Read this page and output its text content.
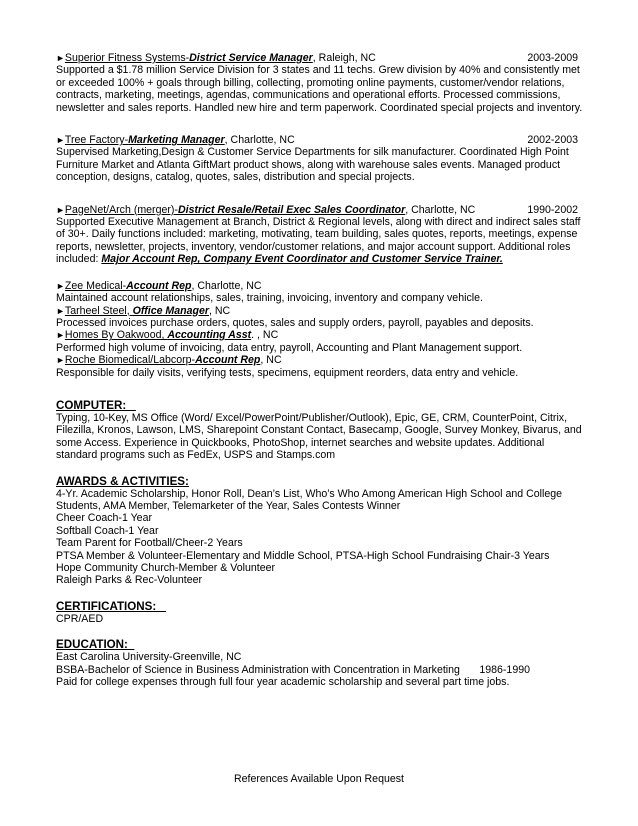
►Superior Fitness Systems-District Service Manager, Raleigh, NC	2003-2009

Supported a $1.78 million Service Division for 3 states and 11 techs. Grew division by 40% and consistently met or exceeded 100% + goals through billing, collecting, promoting online payments, customer/vendor relations, contracts, marketing, meetings, agendas, communications and operational efforts. Processed commissions, newsletter and sales reports. Handled new hire and term paperwork. Coordinated special projects and inventory.

►Tree Factory-Marketing Manager, Charlotte, NC	2002-2003

Supervised Marketing,Design & Customer Service Departments for silk manufacturer. Coordinated High Point Furniture Market and Atlanta GiftMart product shows, along with warehouse sales events. Managed product conception, designs, catalog, quotes, sales, distribution and special projects.

►PageNet/Arch (merger)-District Resale/Retail Exec Sales Coordinator, Charlotte, NC	1990-2002

Supported Executive Management at Branch, District & Regional levels, along with direct and indirect sales staff of 30+. Daily functions included: marketing, motivating, team building, sales quotes, reports, meetings, expense reports, newsletter, projects, inventory, vendor/customer relations, and major account support. Additional roles included: Major Account Rep, Company Event Coordinator and Customer Service Trainer.

►Zee Medical-Account Rep, Charlotte, NC

Maintained account relationships, sales, training, invoicing, inventory and company vehicle.

►Tarheel Steel, Office Manager, NC

Processed invoices purchase orders, quotes, sales and supply orders, payroll, payables and deposits.

►Homes By Oakwood, Accounting Asst. , NC

Performed high volume of invoicing, data entry, payroll, Accounting and Plant Management support.

►Roche Biomedical/Labcorp-Account Rep, NC

Responsible for daily visits, verifying tests, specimens, equipment reorders, data entry and vehicle.

COMPUTER:

Typing, 10-Key, MS Office (Word/ Excel/PowerPoint/Publisher/Outlook), Epic, GE, CRM, CounterPoint, Citrix, Filezilla, Kronos, Lawson, LMS, Sharepoint Constant Contact, Basecamp, Google, Survey Monkey, Bivarus, and some Access. Experience in Quickbooks, PhotoShop, internet searches and website updates. Additional standard programs such as FedEx, USPS and Stamps.com

AWARDS & ACTIVITIES:

4-Yr. Academic Scholarship, Honor Roll, Dean’s List, Who’s Who Among American High School and College Students, AMA Member, Telemarketer of the Year, Sales Contests Winner

Cheer Coach-1 Year

Softball Coach-1 Year

Team Parent for Football/Cheer-2 Years

PTSA Member & Volunteer-Elementary and Middle School, PTSA-High School Fundraising Chair-3 Years

Hope Community Church-Member & Volunteer

Raleigh Parks & Rec-Volunteer

CERTIFICATIONS:

CPR/AED

EDUCATION:

East Carolina University-Greenville, NC

BSBA-Bachelor of Science in Business Administration with Concentration in Marketing 1986-1990

Paid for college expenses through full four year academic scholarship and several part time jobs.

References Available Upon Request
